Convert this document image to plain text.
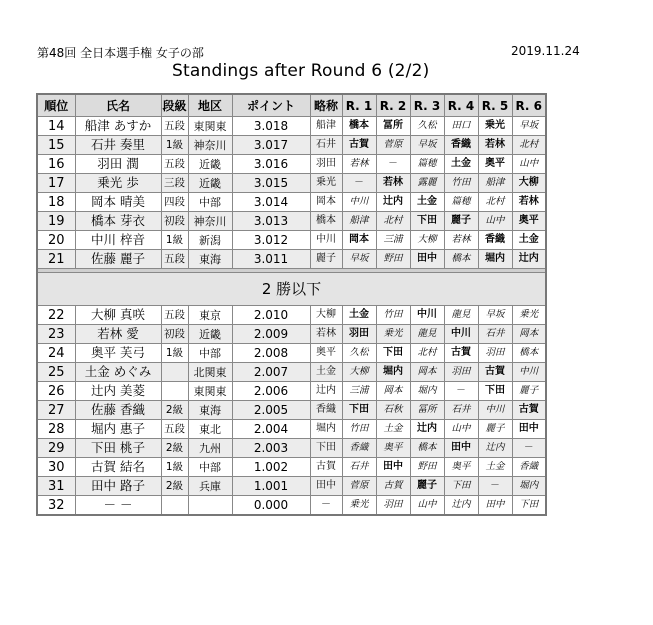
第48回 全日本選手権 女子の部	2019.11.24
Standings after Round 6 (2/2)
順位	氏名	段級	地区	ポイント	略称	R. 1	R. 2	R. 3	R. 4	R. 5	R. 6
14	船津 あすか	五段	東関東	3.018	船津	橋本	冨所	久松	田口	乗光	早坂
15	石井 奏里	1級	神奈川	3.017	石井	古賀	菅原	早坂	香織	若林	北村
16	羽田 潤	五段	近畿	3.016	羽田	若林	－	篇穂	土金	奥平	山中
17	乗光 歩	三段	近畿	3.015	乗光	－	若林	露麗	竹田	船津	大柳
18	岡本 晴美	四段	中部	3.014	岡本	中川	辻内	土金	篇穂	北村	若林
19	橋本 芽衣	初段	神奈川	3.013	橋本	船津	北村	下田	麗子	山中	奥平
20	中川 梓音	1級	新潟	3.012	中川	岡本	三浦	大柳	若林	香織	土金
21	佐藤 麗子	五段	東海	3.011	麗子	早坂	野田	田中	橋本	堀内	辻内

2 勝以下											
22	大柳 真咲	五段	東京	2.010	大柳	土金	竹田	中川	龍見	早坂	乗光
23	若林 愛	初段	近畿	2.009	若林	羽田	乗光	龍見	中川	石井	岡本
24	奥平 芙弓	1級	中部	2.008	奥平	久松	下田	北村	古賀	羽田	橋本
25	土金 めぐみ		北関東	2.007	土金	大柳	堀内	岡本	羽田	古賀	中川
26	辻内 美菱		東関東	2.006	辻内	三浦	岡本	堀内	－	下田	麗子
27	佐藤 香織	2級	東海	2.005	香織	下田	石秋	冨所	石井	中川	古賀
28	堀内 惠子	五段	東北	2.004	堀内	竹田	土金	辻内	山中	麗子	田中
29	下田 桃子	2級	九州	2.003	下田	香織	奥平	橋本	田中	辻内	－
30	古賀 結名	1級	中部	1.002	古賀	石井	田中	野田	奥平	土金	香織
31	田中 路子	2級	兵庫	1.001	田中	菅原	古賀	麗子	下田	－	堀内
32	－ －			0.000	－	乗光	羽田	山中	辻内	田中	下田
